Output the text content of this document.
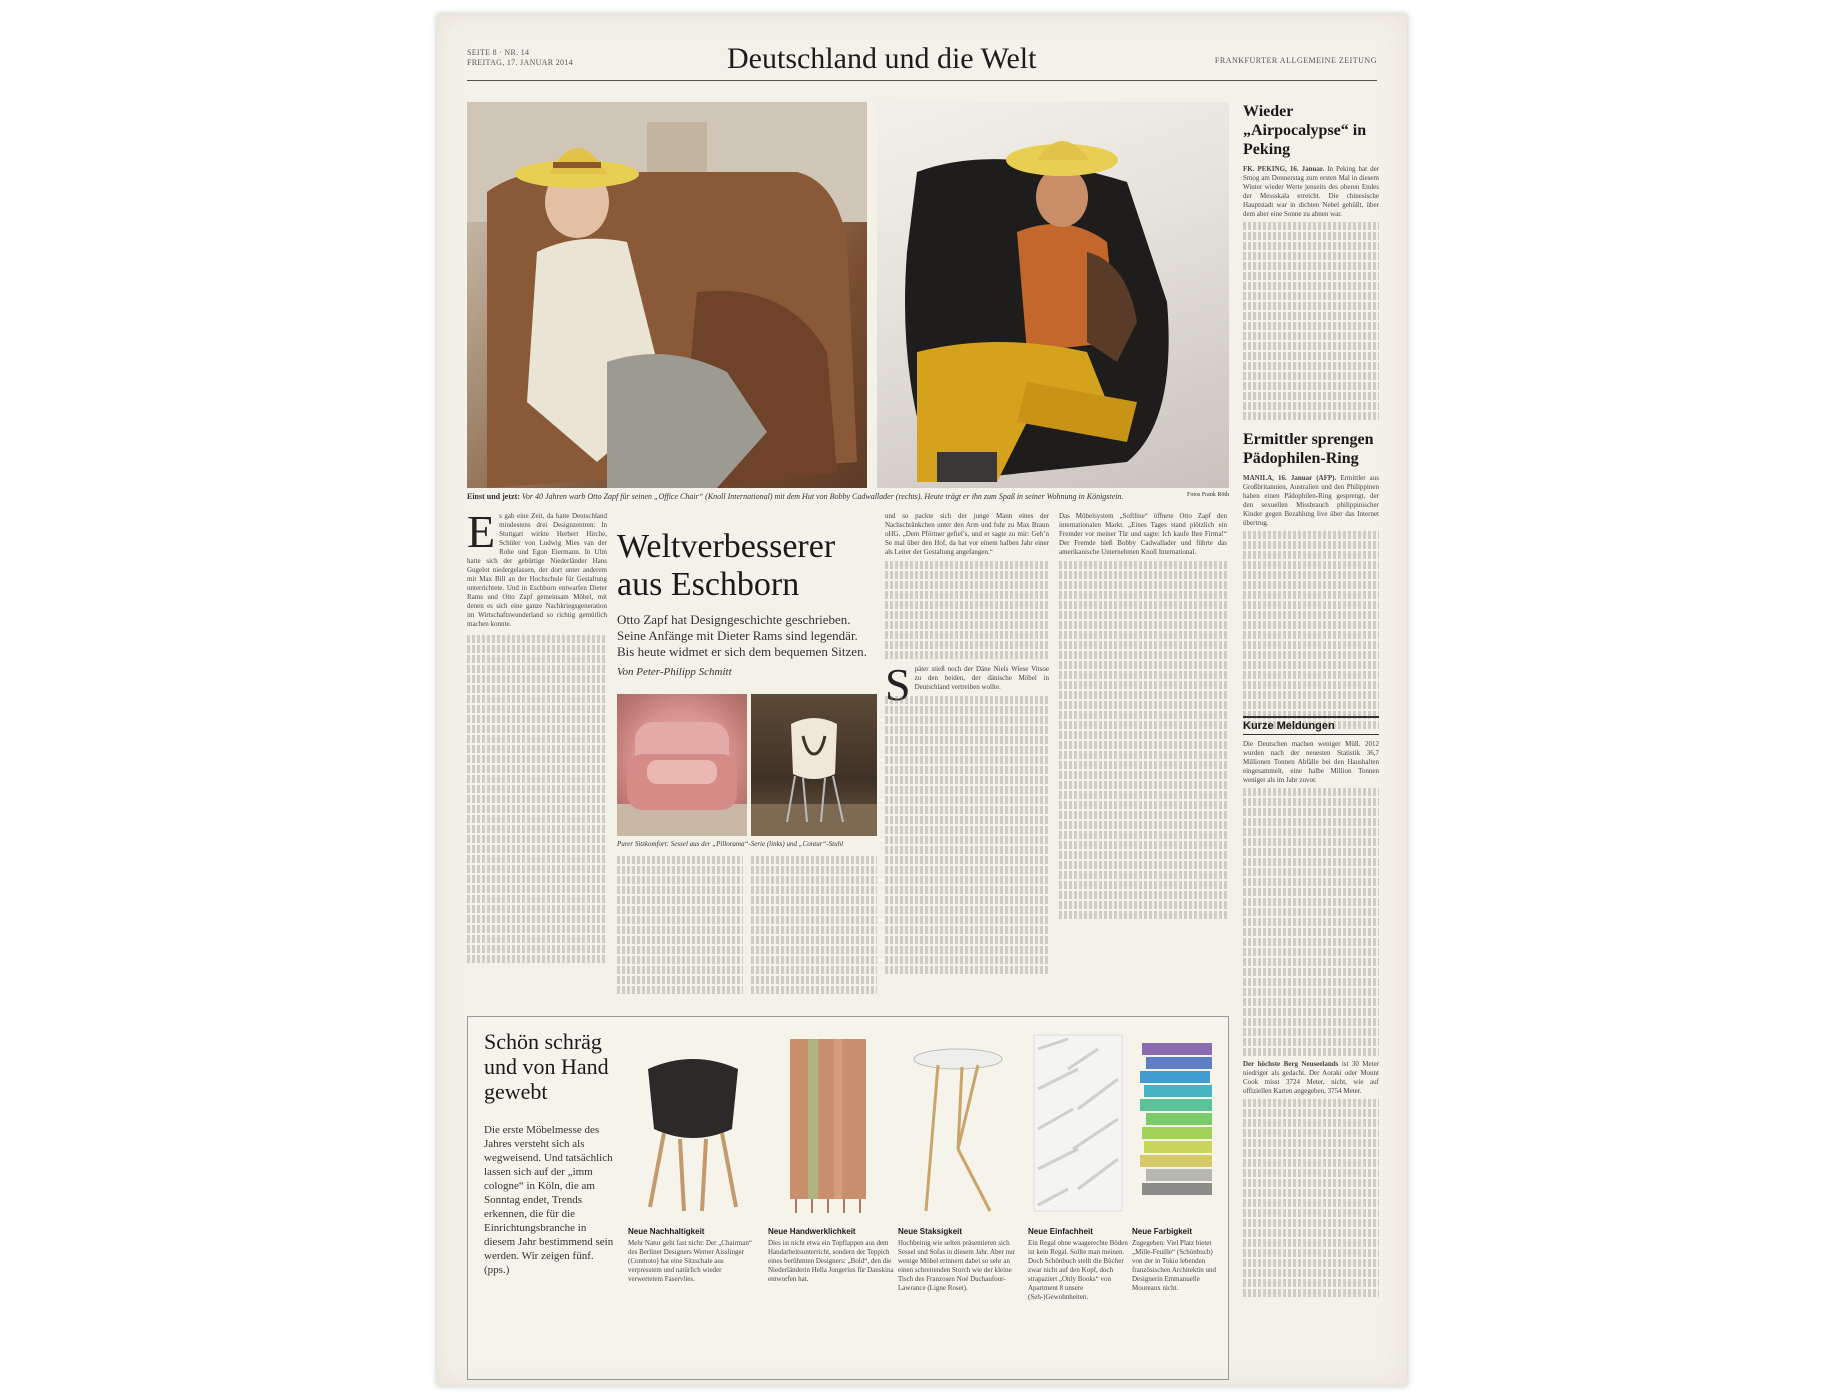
SEITE 8 · NR. 14
FREITAG, 17. JANUAR 2014	Deutschland und die Welt	FRANKFURTER ALLGEMEINE ZEITUNG
Einst und jetzt: Vor 40 Jahren warb Otto Zapf für seinen „Office Chair“ (Knoll International) mit dem Hut von Bobby Cadwallader (rechts). Heute trägt er ihn zum Spaß in seiner Wohnung in Königstein.	Fotos Frank Röth
E s gab eine Zeit, da hatte Deutschland mindestens drei Designzentren: In Stuttgart wirkte Herbert Hirche, Schüler von Ludwig Mies van der Rohe und Egon Eiermann. In Ulm hatte sich der gebürtige Niederländer Hans Gugelot niedergelassen, der dort unter anderem mit Max Bill an der Hochschule für Gestaltung unterrichtete. Und in Eschborn entwarfen Dieter Rams und Otto Zapf gemeinsam Möbel, mit denen es sich eine ganze Nachkriegsgeneration im Wirtschaftswunderland so richtig gemütlich machen konnte.
Weltverbesserer
aus Eschborn
Otto Zapf hat Designgeschichte geschrieben. Seine Anfänge mit Dieter Rams sind legendär. Bis heute widmet er sich dem bequemen Sitzen.
Von Peter-Philipp Schmitt
Purer Sitzkomfort: Sessel aus der „Pillorama“-Serie (links) und „Contur“-Stuhl
und so packte sich der junge Mann eines der Nachschränkchen unter den Arm und fuhr zu Max Braun oHG. „Dem Pförtner gefiel’s, und er sagte zu mir: Geh’n Se mal über den Hof, da hat vor einem halben Jahr einer als Leiter der Gestaltung angefangen.“
S päter stieß noch der Däne Niels Wiese Vitsoe zu den beiden, der dänische Möbel in Deutschland vertreiben wollte.
Das Möbelsystem „Softline“ öffnete Otto Zapf den internationalen Markt. „Eines Tages stand plötzlich ein Fremder vor meiner Tür und sagte: Ich kaufe Ihre Firma!“ Der Fremde hieß Bobby Cadwallader und führte das amerikanische Unternehmen Knoll International.
Wieder „Airpocalypse“ in Peking
FK. PEKING, 16. Januar. In Peking hat der Smog am Donnerstag zum ersten Mal in diesem Winter wieder Werte jenseits des oberen Endes der Messskala erreicht. Die chinesische Hauptstadt war in dichten Nebel gehüllt, über dem aber eine Sonne zu ahnen war.
Ermittler sprengen Pädophilen-Ring
MANILA, 16. Januar (AFP). Ermittler aus Großbritannien, Australien und den Philippinen haben einen Pädophilen-Ring gesprengt, der den sexuellen Missbrauch philippinischer Kinder gegen Bezahlung live über das Internet übertrug.
Kurze Meldungen
Die Deutschen machen weniger Müll. 2012 wurden nach der neuesten Statistik 36,7 Millionen Tonnen Abfälle bei den Haushalten eingesammelt, eine halbe Million Tonnen weniger als im Jahr zuvor.
Der höchste Berg Neuseelands ist 30 Meter niedriger als gedacht. Der Aoraki oder Mount Cook misst 3724 Meter, nicht, wie auf offiziellen Karten angegeben, 3754 Meter.
Schön schräg und von Hand gewebt
Die erste Möbelmesse des Jahres versteht sich als wegweisend. Und tatsächlich lassen sich auf der „imm cologne“ in Köln, die am Sonntag endet, Trends erkennen, die für die Einrichtungsbranche in diesem Jahr bestimmend sein werden. Wir zeigen fünf. (pps.)
Neue Nachhaltigkeit
Mehr Natur geht fast nicht: Der „Chairman“ des Berliner Designers Werner Aisslinger (Conmoto) hat eine Sitzschale aus verpresstem und natürlich wieder verwertetem Faservlies.
Neue Handwerklichkeit
Dies ist nicht etwa ein Topflappen aus dem Handarbeitsunterricht, sondern der Teppich eines berühmten Designers: „Bold“, den die Niederländerin Hella Jongerius für Danskina entworfen hat.
Neue Staksigkeit
Hochbeinig wie selten präsentieren sich Sessel und Sofas in diesem Jahr. Aber nur wenige Möbel erinnern dabei so sehr an einen schreitenden Storch wie der kleine Tisch des Franzosen Noé Duchaufour-Lawrance (Ligne Roset).
Neue Einfachheit
Ein Regal ohne waagerechte Böden ist kein Regal. Sollte man meinen. Doch Schönbuch stellt die Bücher zwar nicht auf den Kopf, doch strapaziert „Only Books“ von Apartment 8 unsere (Seh-)Gewohnheiten.
Neue Farbigkeit
Zugegeben: Viel Platz bietet „Mille-Feuille“ (Schönbuch) von der in Tokio lebenden französischen Architektin und Designerin Emmanuelle Moureaux nicht.
